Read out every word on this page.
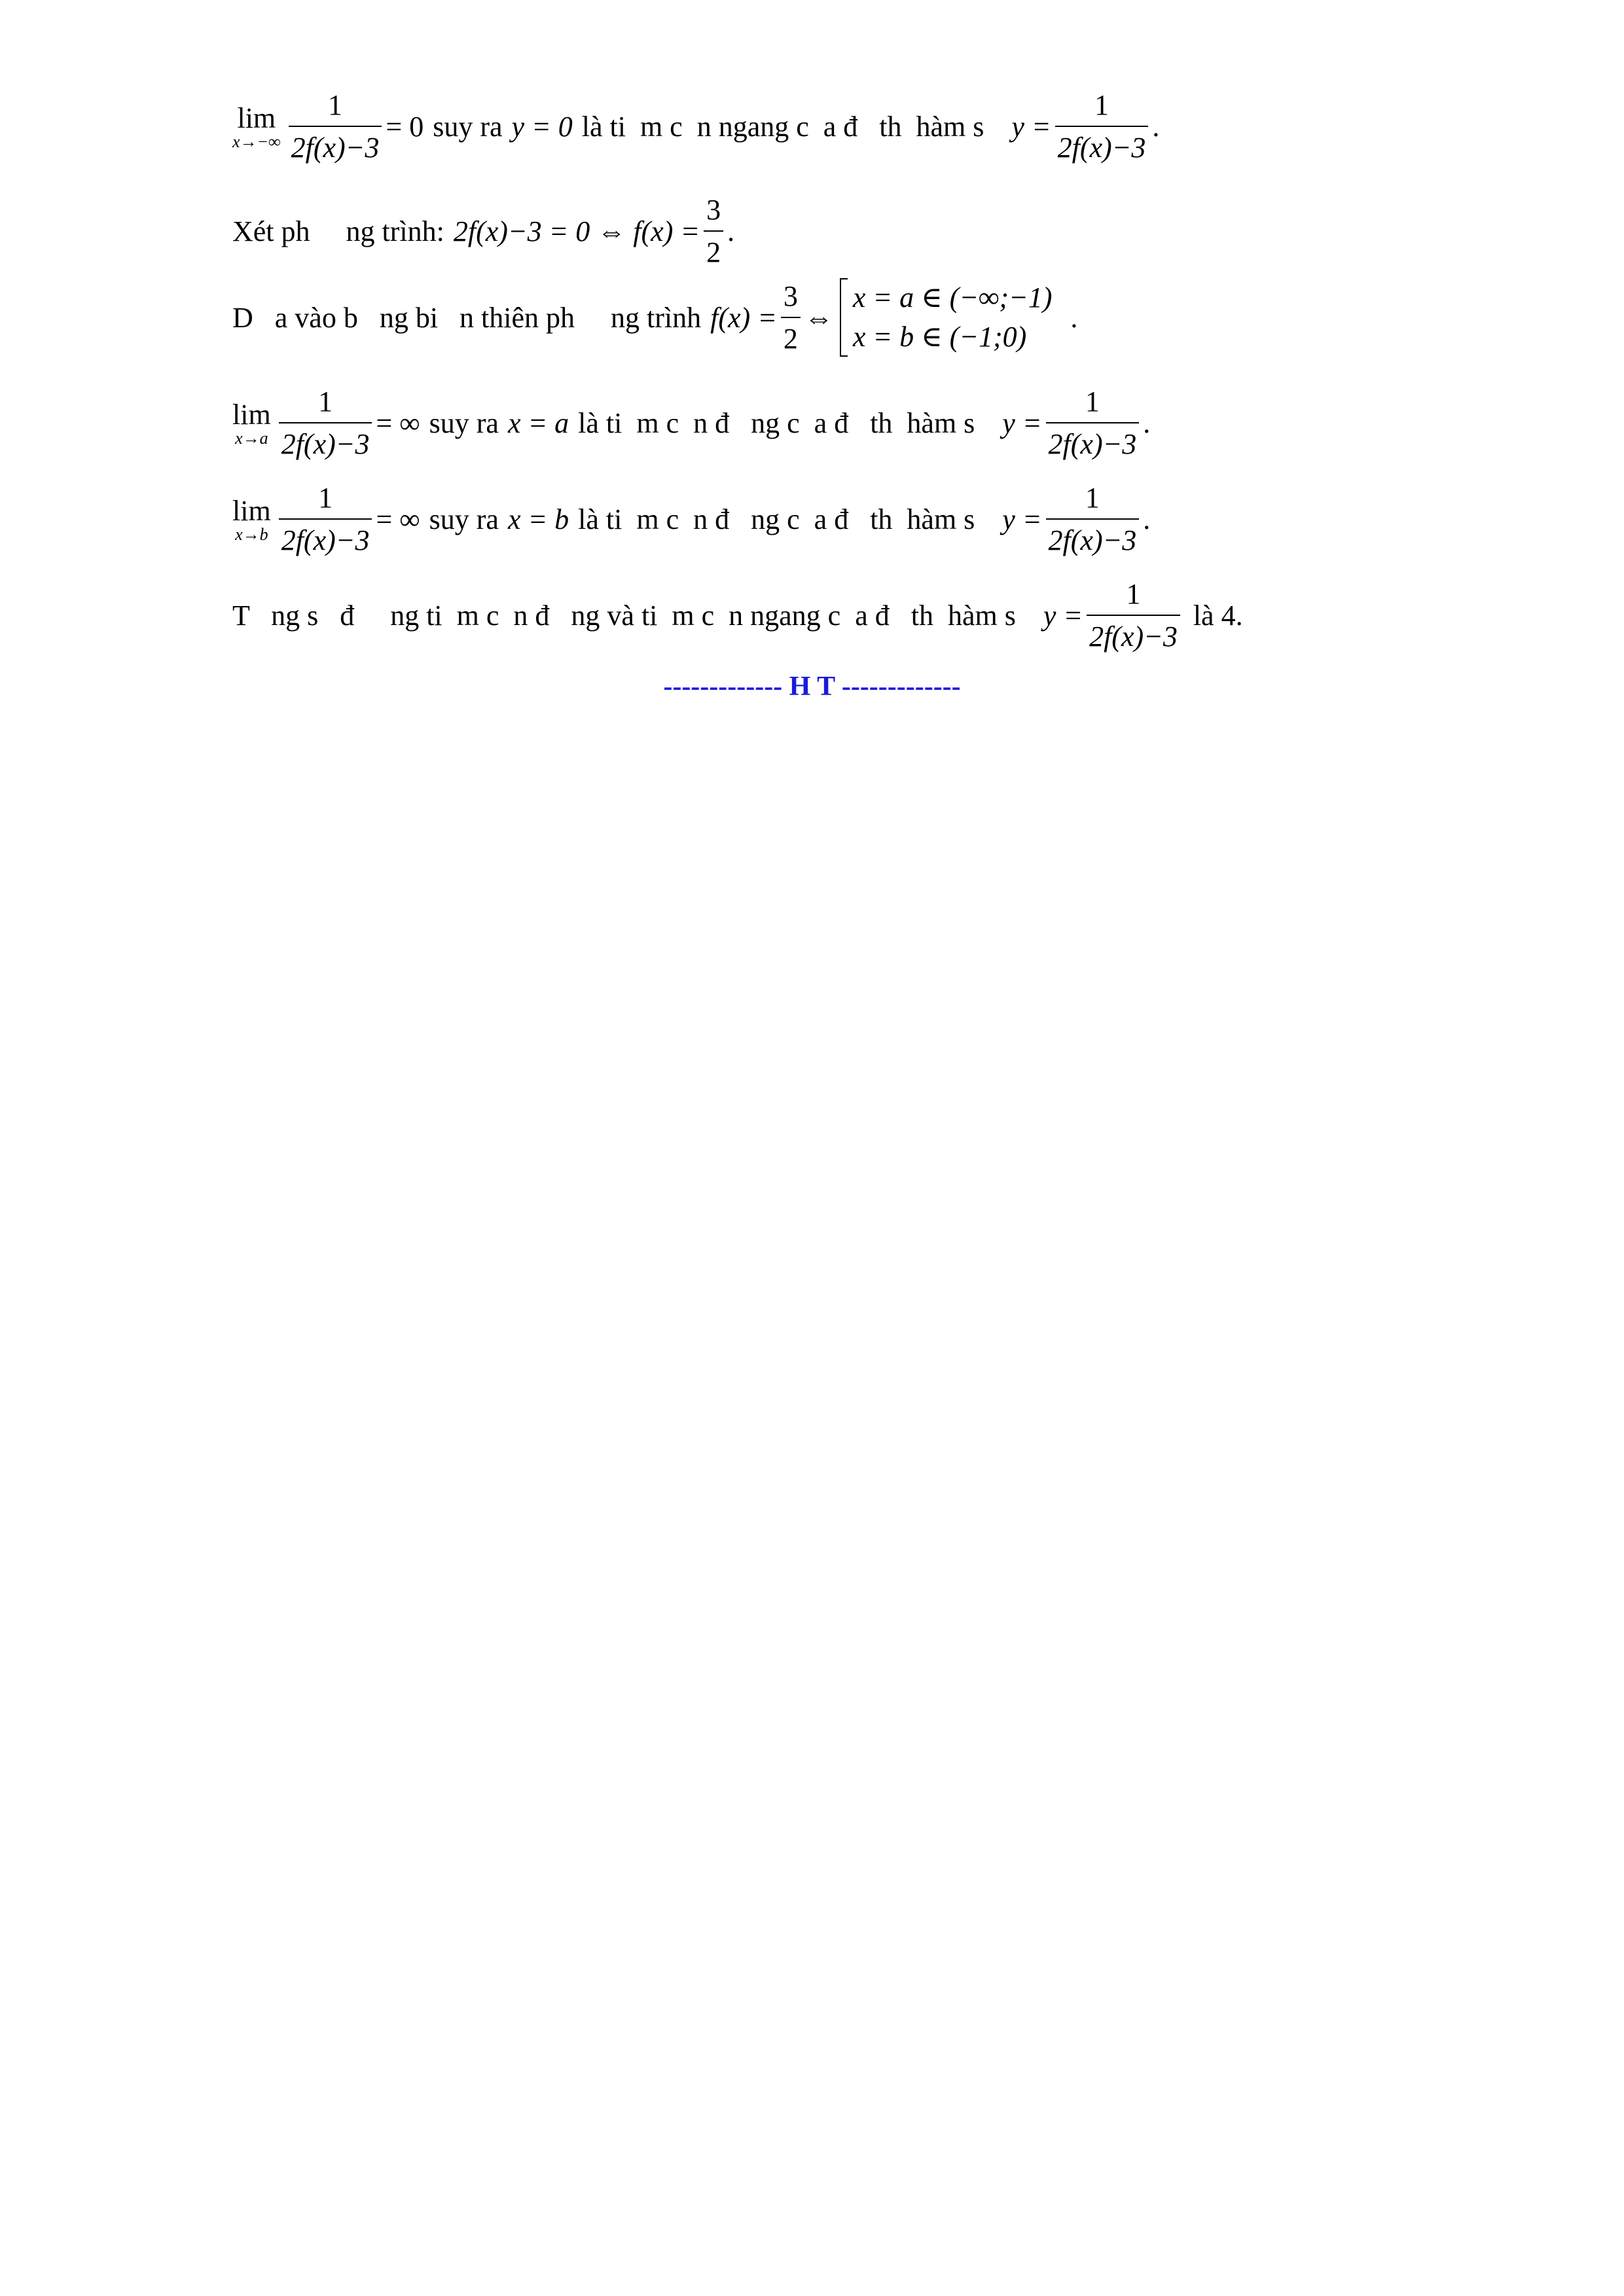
lim
$x\to-\infty \frac{1}{2f(x)-3} = 0$ suy ra y = 0 là ti  m c  n ngang c  a đ   th  hàm s $y = \frac{1}{2f(x)-3}$ .
Xét ph     ng trình: 2f(x)−3 = 0 ⇔ $f(x) = \frac{3}{2}$ .
D   a vào b   ng bi   n thiên ph     ng trình $f(x) = \frac{3}{2}$ ⇔
x = a ∈ (−∞;−1)
x = b ∈ (−1;0)
.
lim
$x\to a \frac{1}{2f(x)-3}$ = ∞ suy ra x = a là ti  m c  n đ   ng c  a đ   th  hàm s $y = \frac{1}{2f(x)-3}$ .
lim
$x\to b \frac{1}{2f(x)-3}$ = ∞ suy ra x = b là ti  m c  n đ   ng c  a đ   th  hàm s $y = \frac{1}{2f(x)-3}$ .
T   ng s   đ     ng ti  m c  n đ   ng và ti  m c  n ngang c  a đ   th  hàm s $y = \frac{1}{2f(x)-3}$ là 4.
------------- H T -------------
